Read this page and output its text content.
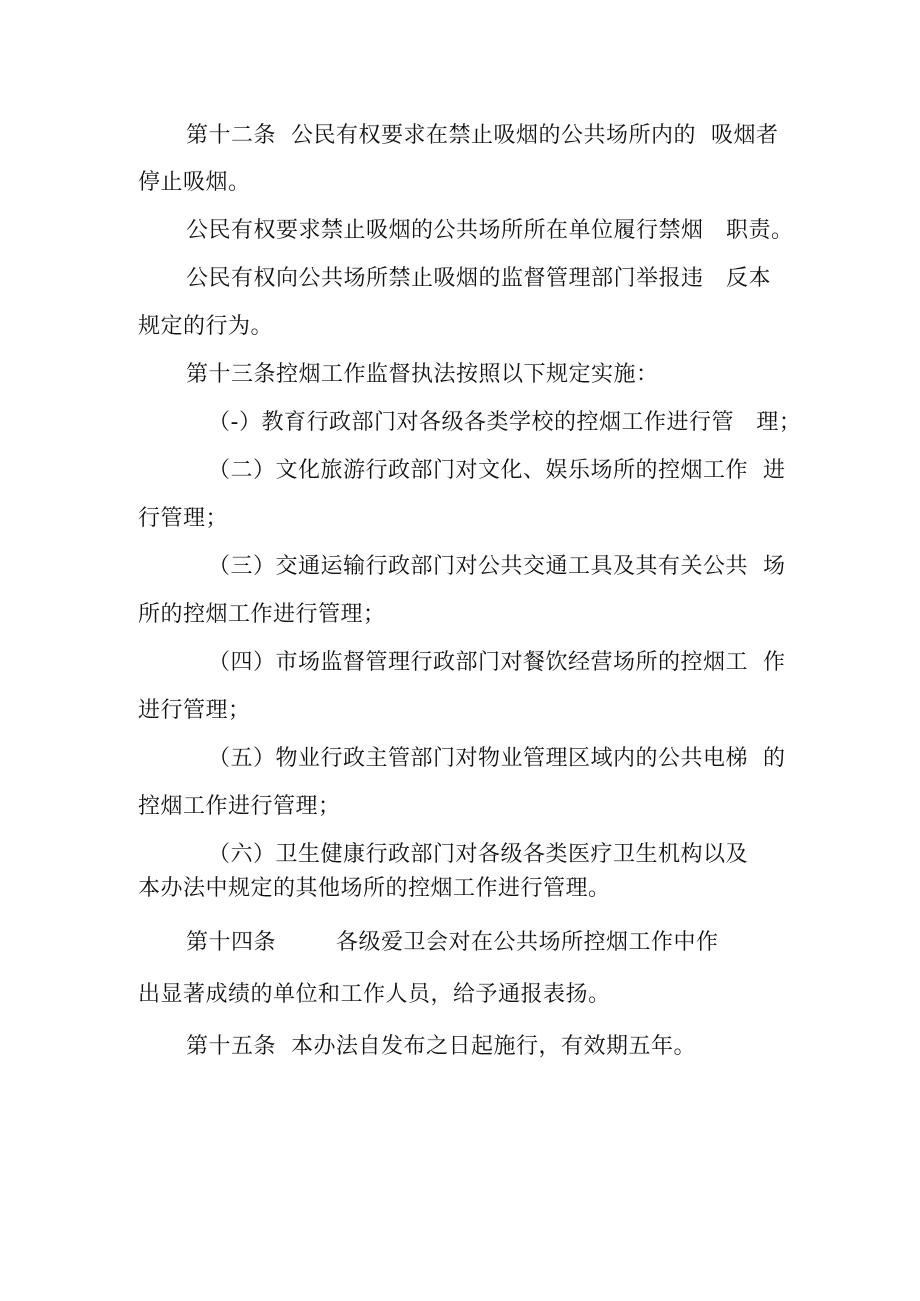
第十二条  公民有权要求在禁止吸烟的公共场所内的  吸烟者
停止吸烟。
公民有权要求禁止吸烟的公共场所所在单位履行禁烟   职责。
公民有权向公共场所禁止吸烟的监督管理部门举报违   反本
规定的行为。
第十三条控烟工作监督执法按照以下规定实施：
（-）教育行政部门对各级各类学校的控烟工作进行管   理；
（二）文化旅游行政部门对文化、娱乐场所的控烟工作  进
行管理；
（三）交通运输行政部门对公共交通工具及其有关公共  场
所的控烟工作进行管理；
（四）市场监督管理行政部门对餐饮经营场所的控烟工  作
进行管理；
（五）物业行政主管部门对物业管理区域内的公共电梯  的
控烟工作进行管理；
（六）卫生健康行政部门对各级各类医疗卫生机构以及
本办法中规定的其他场所的控烟工作进行管理。
第十四条        各级爱卫会对在公共场所控烟工作中作
出显著成绩的单位和工作人员，给予通报表扬。
第十五条  本办法自发布之日起施行，有效期五年。
